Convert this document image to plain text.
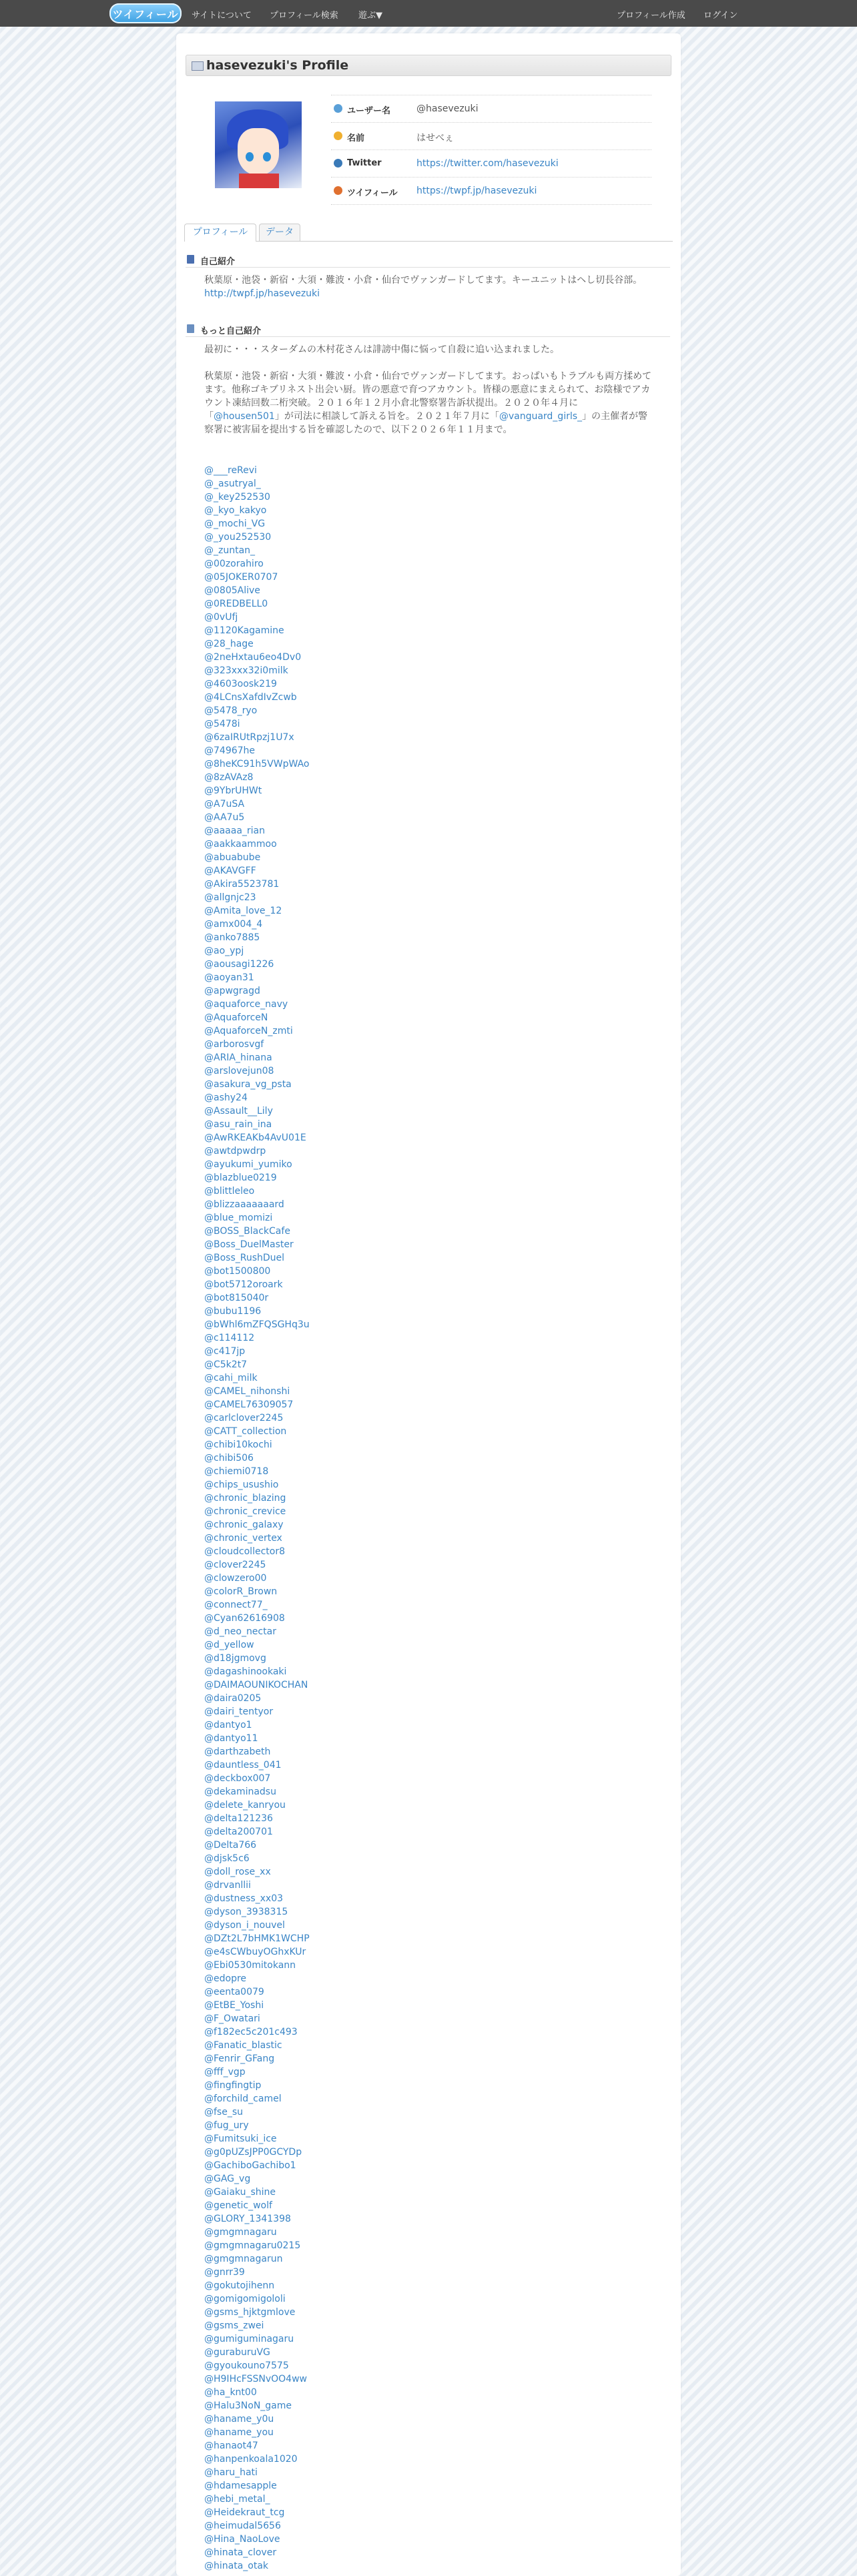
ツイフィール	サイトについて プロフィール検索 遊ぶ▼	プロフィール作成 ログイン
hasevezuki's Profile
ユーザー名	@hasevezuki
名前	はせべぇ
Twitter	https://twitter.com/hasevezuki
ツイフィール https://twpf.jp/hasevezuki
プロフィール	データ
自己紹介
秋葉原・池袋・新宿・大須・難波・小倉・仙台でヴァンガードしてます。キーユニットはヘし切長谷部。 http://twpf.jp/hasevezuki
もっと自己紹介
最初に・・・スターダムの木村花さんは誹謗中傷に悩って自殺に追い込まれました。
秋葉原・池袋・新宿・大須・難波・小倉・仙台でヴァンガードしてます。おっぱいもトラブルも両方揉めてます。他称ゴキブリネスト出会い厨。皆の悪意で育つアカウント。皆様の悪意にまえられて、お陰様でアカウント凍結回数二桁突破。２０１６年１２月小倉北警察署告訴状提出。２０２０年４月に「@housen501」が司法に相談して訴える旨を。２０２１年７月に「@vanguard_girls_」の主催者が警察署に被害届を提出する旨を確認したので、以下２０２６年１１月まで。
@___reRevi
@_asutryal_
@_key252530
@_kyo_kakyo
@_mochi_VG
@_you252530
@_zuntan_
@00zorahiro
@05JOKER0707
@0805Alive
@0REDBELL0
@0vUfj
@1120Kagamine
@28_hage
@2neHxtau6eo4Dv0
@323xxx32i0milk
@4603oosk219
@4LCnsXafdIvZcwb
@5478_ryo
@5478i
@6zaIRUtRpzj1U7x
@74967he
@8heKC91h5VWpWAo
@8zAVAz8
@9YbrUHWt
@A7uSA
@AA7u5
@aaaaa_rian
@aakkaammoo
@abuabube
@AKAVGFF
@Akira5523781
@allgnjc23
@Amita_love_12
@amx004_4
@anko7885
@ao_ypj
@aousagi1226
@aoyan31
@apwgragd
@aquaforce_navy
@AquaforceN
@AquaforceN_zmti
@arborosvgf
@ARIA_hinana
@arslovejun08
@asakura_vg_psta
@ashy24
@Assault__Lily
@asu_rain_ina
@AwRKEAKb4AvU01E
@awtdpwdrp
@ayukumi_yumiko
@blazblue0219
@blittleleo
@blizzaaaaaaard
@blue_momizi
@BOSS_BlackCafe
@Boss_DuelMaster
@Boss_RushDuel
@bot1500800
@bot5712oroark
@bot815040r
@bubu1196
@bWhl6mZFQSGHq3u
@c114112
@c417jp
@C5k2t7
@cahi_milk
@CAMEL_nihonshi
@CAMEL76309057
@carlclover2245
@CATT_collection
@chibi10kochi
@chibi506
@chiemi0718
@chips_usushio
@chronic_blazing
@chronic_crevice
@chronic_galaxy
@chronic_vertex
@cloudcollector8
@clover2245
@clowzero00
@colorR_Brown
@connect77_
@Cyan62616908
@d_neo_nectar
@d_yellow
@d18jgmovg
@dagashinookaki
@DAIMAOUNIKOCHAN
@daira0205
@dairi_tentyor
@dantyo1
@dantyo11
@darthzabeth
@dauntless_041
@deckbox007
@dekaminadsu
@delete_kanryou
@delta121236
@delta200701
@Delta766
@djsk5c6
@doll_rose_xx
@drvanllii
@dustness_xx03
@dyson_3938315
@dyson_i_nouvel
@DZt2L7bHMK1WCHP
@e4sCWbuyOGhxKUr
@Ebi0530mitokann
@edopre
@eenta0079
@EtBE_Yoshi
@F_Owatari
@f182ec5c201c493
@Fanatic_blastic
@Fenrir_GFang
@fff_vgp
@fingfingtip
@forchild_camel
@fse_su
@fug_ury
@Fumitsuki_ice
@g0pUZsJPP0GCYDp
@GachiboGachibo1
@GAG_vg
@Gaiaku_shine
@genetic_wolf
@GLORY_1341398
@gmgmnagaru
@gmgmnagaru0215
@gmgmnagarun
@gnrr39
@gokutojihenn
@gomigomigololi
@gsms_hjktgmlove
@gsms_zwei
@gumiguminagaru
@guraburuVG
@gyoukouno7575
@H9IHcFSSNvOO4ww
@ha_knt00
@Halu3NoN_game
@haname_y0u
@haname_you
@hanaot47
@hanpenkoala1020
@haru_hati
@hdamesapple
@hebi_metal_
@Heidekraut_tcg
@heimudal5656
@Hina_NaoLove
@hinata_clover
@hinata_otak
